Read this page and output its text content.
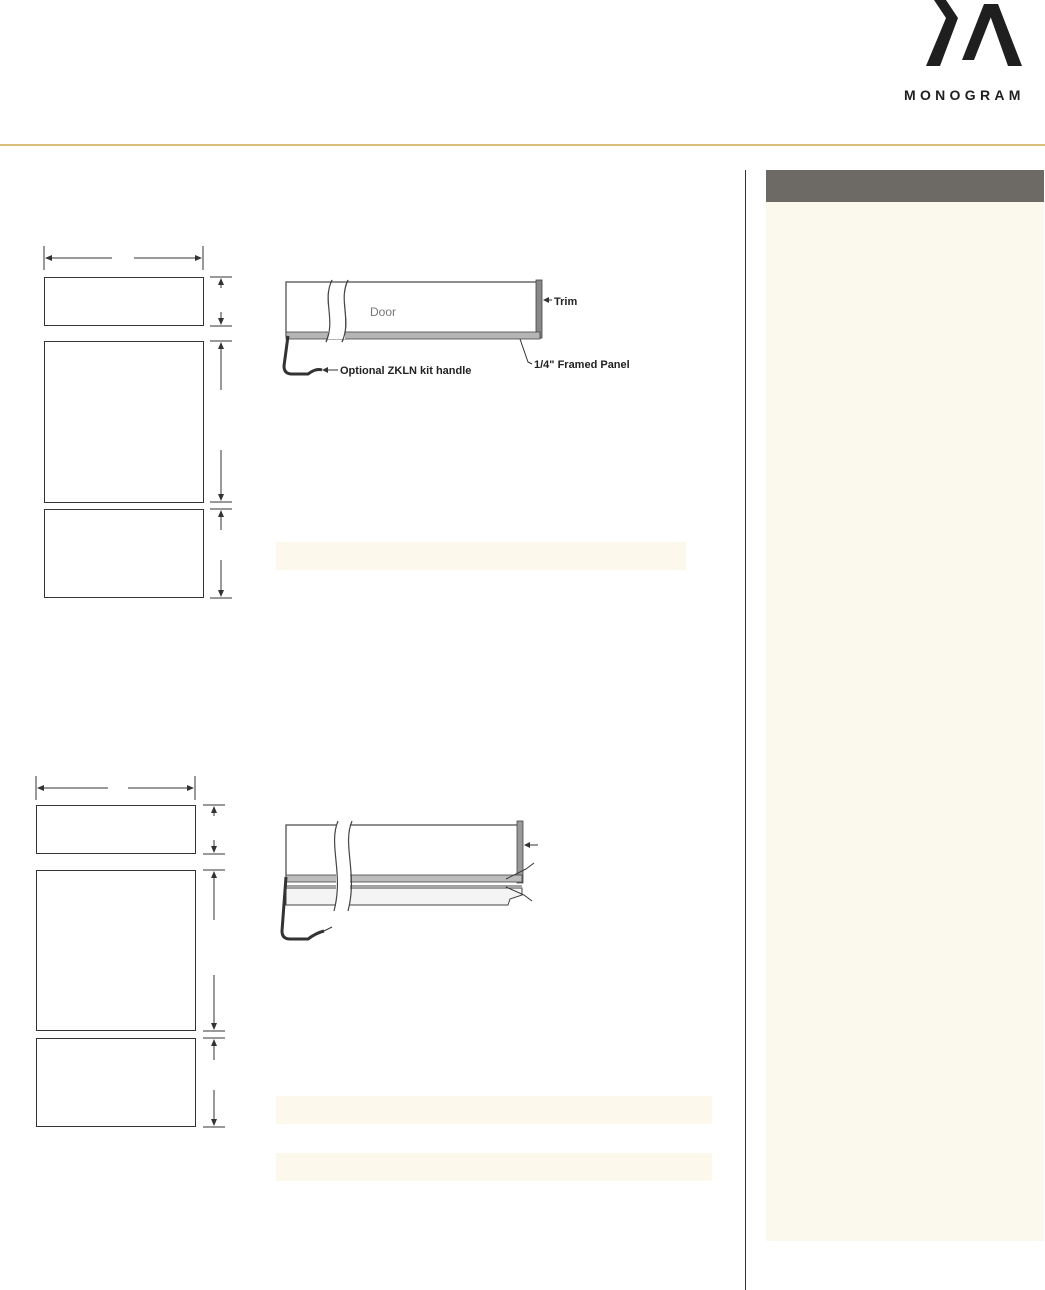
MONOGRAM
Door
Trim
1/4" Framed Panel
Optional ZKLN kit handle
